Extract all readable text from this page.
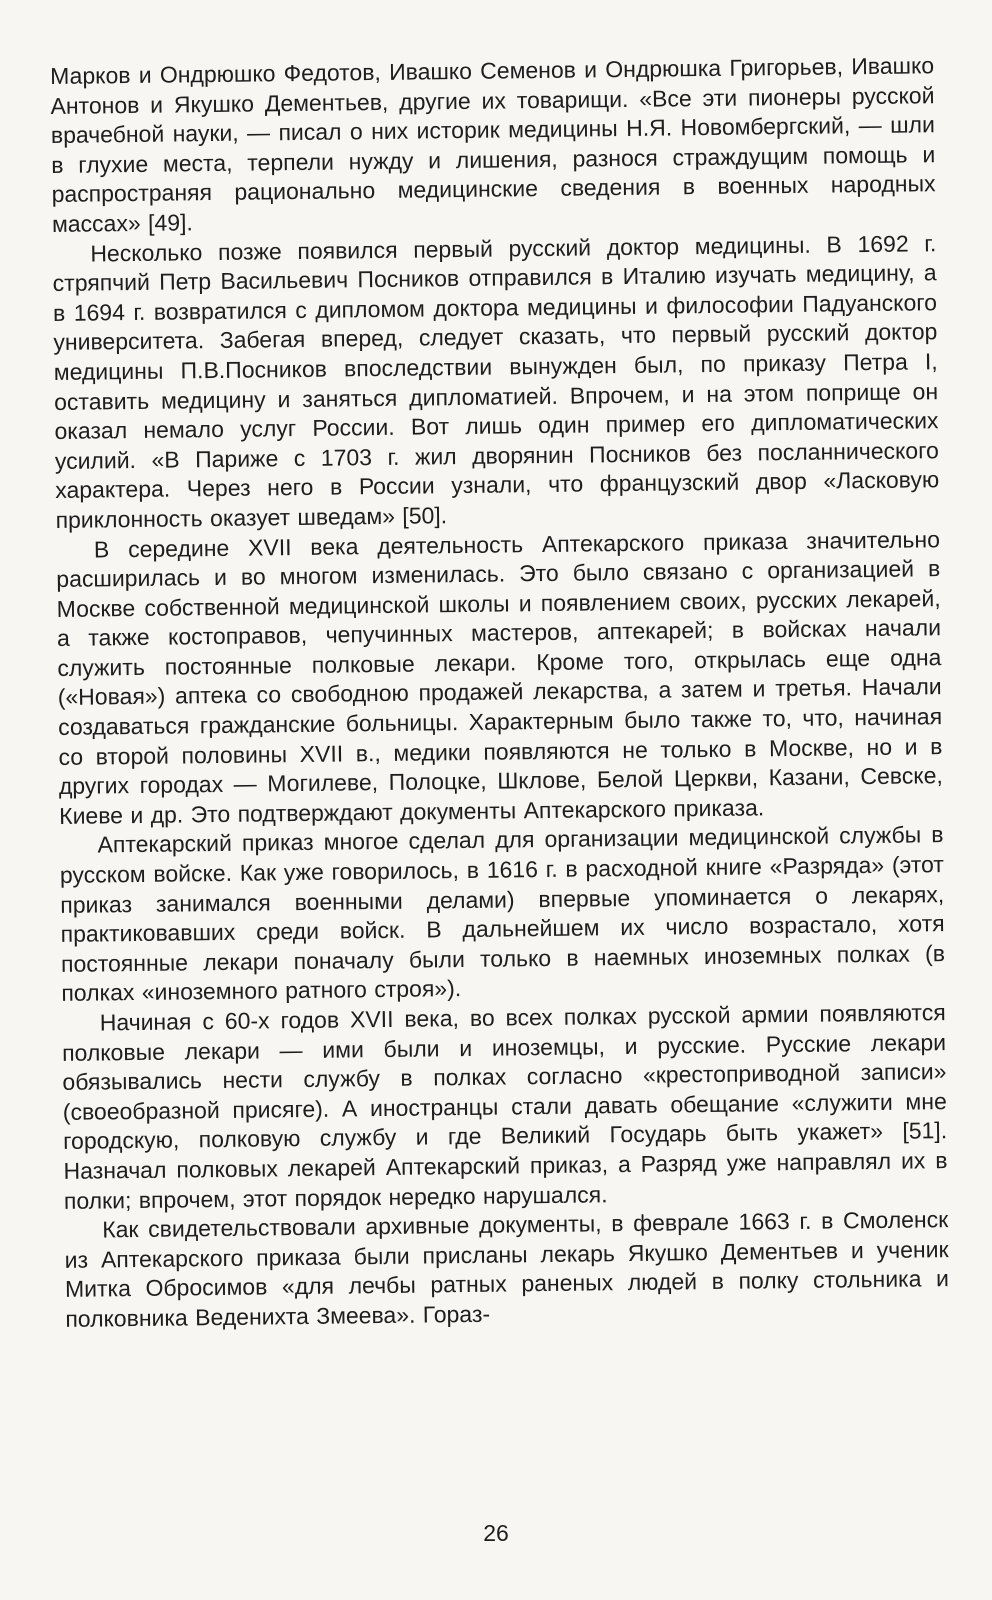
Марков и Ондрюшко Федотов, Ивашко Семенов и Ондрюшка Григорьев, Ивашко Антонов и Якушко Дементьев, другие их товарищи. «Все эти пионеры русской врачебной науки, — писал о них историк медицины Н.Я. Новомбергский, — шли в глухие места, терпели нужду и лишения, разнося страждущим помощь и распространяя рационально медицинские сведения в военных народных массах» [49].

Несколько позже появился первый русский доктор медицины. В 1692 г. стряпчий Петр Васильевич Посников отправился в Италию изучать медицину, а в 1694 г. возвратился с дипломом доктора медицины и философии Падуанского университета. Забегая вперед, следует сказать, что первый русский доктор медицины П.В.Посников впоследствии вынужден был, по приказу Петра I, оставить медицину и заняться дипломатией. Впрочем, и на этом поприще он оказал немало услуг России. Вот лишь один пример его дипломатических усилий. «В Париже с 1703 г. жил дворянин Посников без посланнического характера. Через него в России узнали, что французский двор «Ласковую приклонность оказует шведам» [50].

В середине XVII века деятельность Аптекарского приказа значительно расширилась и во многом изменилась. Это было связано с организацией в Москве собственной медицинской школы и появлением своих, русских лекарей, а также костоправов, чепучинных мастеров, аптекарей; в войсках начали служить постоянные полковые лекари. Кроме того, открылась еще одна («Новая») аптека со свободною продажей лекарства, а затем и третья. Начали создаваться гражданские больницы. Характерным было также то, что, начиная со второй половины XVII в., медики появляются не только в Москве, но и в других городах — Могилеве, Полоцке, Шклове, Белой Церкви, Казани, Севске, Киеве и др. Это подтверждают документы Аптекарского приказа.

Аптекарский приказ многое сделал для организации медицинской службы в русском войске. Как уже говорилось, в 1616 г. в расходной книге «Разряда» (этот приказ занимался военными делами) впервые упоминается о лекарях, практиковавших среди войск. В дальнейшем их число возрастало, хотя постоянные лекари поначалу были только в наемных иноземных полках (в полках «иноземного ратного строя»).

Начиная с 60-х годов XVII века, во всех полках русской армии появляются полковые лекари — ими были и иноземцы, и русские. Русские лекари обязывались нести службу в полках согласно «крестоприводной записи» (своеобразной присяге). А иностранцы стали давать обещание «служити мне городскую, полковую службу и где Великий Государь быть укажет» [51]. Назначал полковых лекарей Аптекарский приказ, а Разряд уже направлял их в полки; впрочем, этот порядок нередко нарушался.

Как свидетельствовали архивные документы, в феврале 1663 г. в Смоленск из Аптекарского приказа были присланы лекарь Якушко Дементьев и ученик Митка Обросимов «для лечбы ратных раненых людей в полку стольника и полковника Веденихта Змеева». Гораз-

26
